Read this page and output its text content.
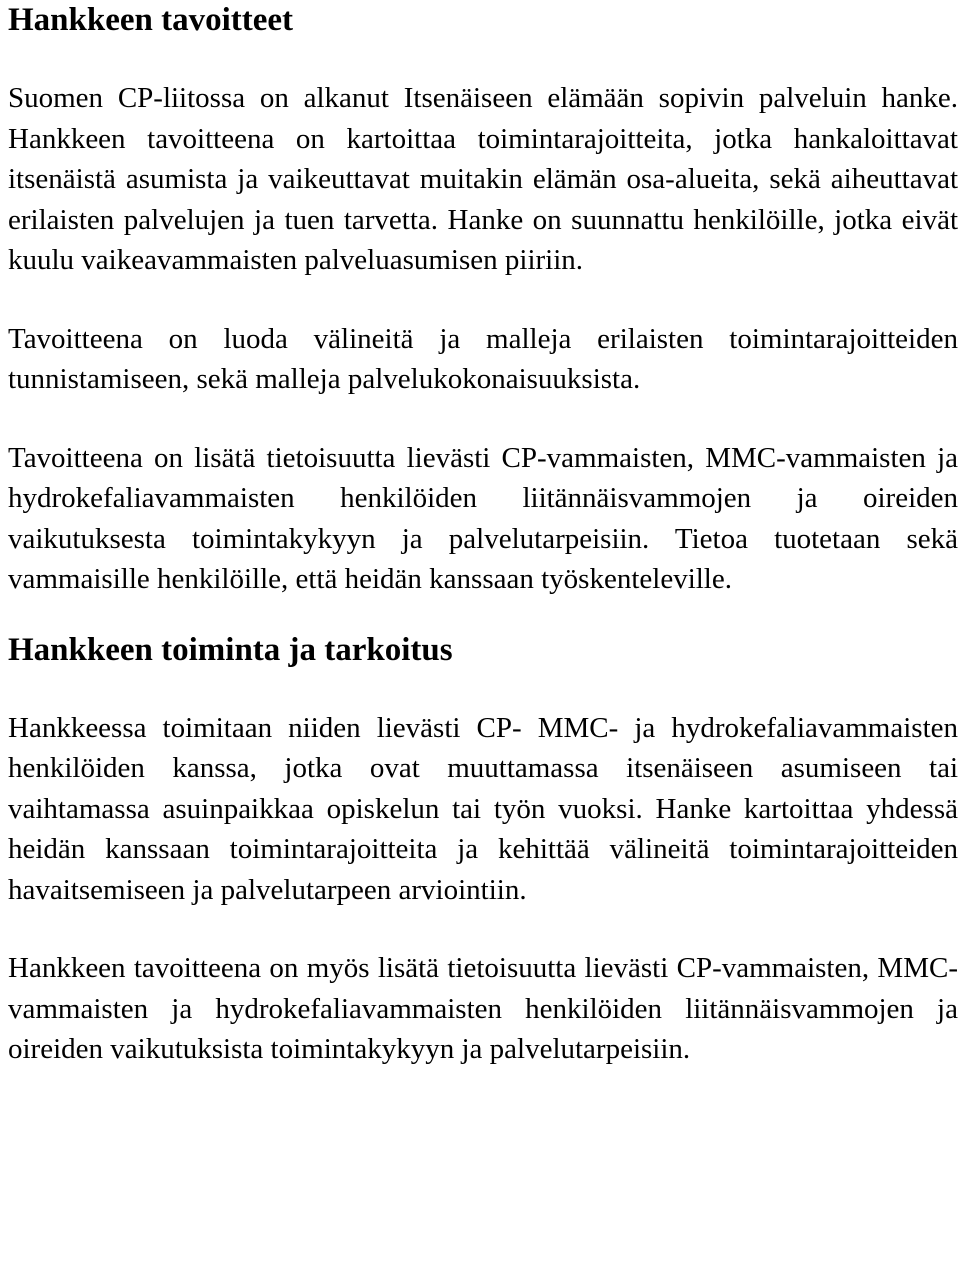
Hankkeen tavoitteet

Suomen CP-liitossa on alkanut Itsenäiseen elämään sopivin palveluin hanke. Hankkeen tavoitteena on kartoittaa toimintarajoitteita, jotka hankaloittavat itsenäistä asumista ja vaikeuttavat muitakin elämän osa-alueita, sekä aiheuttavat erilaisten palvelujen ja tuen tarvetta. Hanke on suunnattu henkilöille, jotka eivät kuulu vaikeavammaisten palveluasumisen piiriin.

Tavoitteena on luoda välineitä ja malleja erilaisten toimintarajoitteiden tunnistamiseen, sekä malleja palvelukokonaisuuksista.

Tavoitteena on lisätä tietoisuutta lievästi CP-vammaisten, MMC-vammaisten ja hydrokefaliavammaisten henkilöiden liitännäisvammojen ja oireiden vaikutuksesta toimintakykyyn ja palvelutarpeisiin. Tietoa tuotetaan sekä vammaisille henkilöille, että heidän kanssaan työskenteleville.

Hankkeen toiminta ja tarkoitus

Hankkeessa toimitaan niiden lievästi CP- MMC- ja hydrokefaliavammaisten henkilöiden kanssa, jotka ovat muuttamassa itsenäiseen asumiseen tai vaihtamassa asuinpaikkaa opiskelun tai työn vuoksi. Hanke kartoittaa yhdessä heidän kanssaan toimintarajoitteita ja kehittää välineitä toimintarajoitteiden havaitsemiseen ja palvelutarpeen arviointiin.

Hankkeen tavoitteena on myös lisätä tietoisuutta lievästi CP-vammaisten, MMC-vammaisten ja hydrokefaliavammaisten henkilöiden liitännäisvammojen ja oireiden vaikutuksista toimintakykyyn ja palvelutarpeisiin.
